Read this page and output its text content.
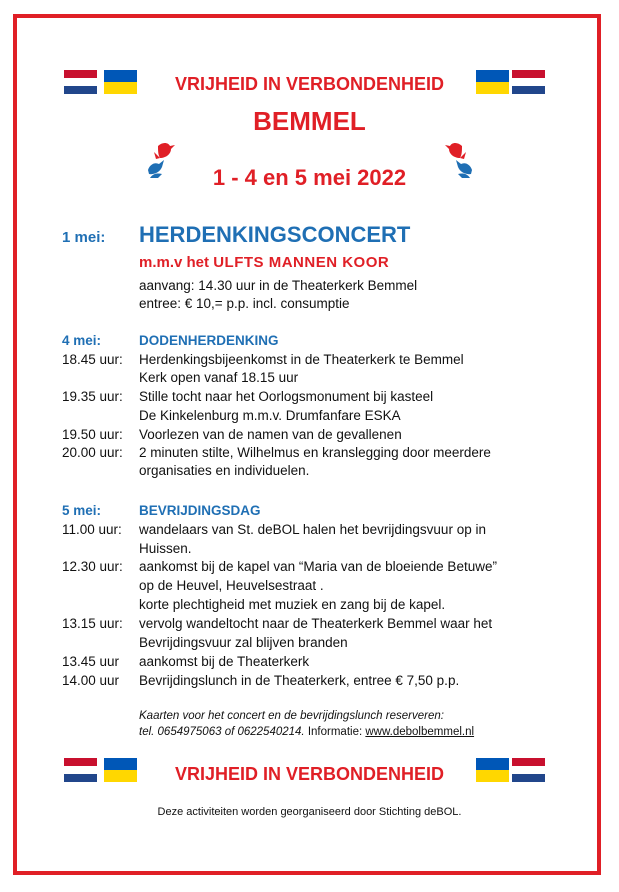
VRIJHEID IN VERBONDENHEID
BEMMEL
1 - 4 en 5 mei 2022
1 mei: HERDENKINGSCONCERT
m.m.v het ULFTS MANNEN KOOR
aanvang: 14.30 uur in de Theaterkerk Bemmel
entree: € 10,= p.p. incl. consumptie
4 mei:	DODENHERDENKING
18.45 uur: Herdenkingsbijeenkomst in de Theaterkerk te Bemmel
Kerk open vanaf 18.15 uur
19.35 uur: Stille tocht naar het Oorlogsmonument bij kasteel
De Kinkelenburg m.m.v. Drumfanfare ESKA
19.50 uur: Voorlezen van de namen van de gevallenen
20.00 uur: 2 minuten stilte, Wilhelmus en kranslegging door meerdere
organisaties en individuelen.
5 mei:	BEVRIJDINGSDAG
11.00 uur: wandelaars van St. deBOL halen het bevrijdingsvuur op in
Huissen.
12.30 uur: aankomst bij de kapel van “Maria van de bloeiende Betuwe”
op de Heuvel, Heuvelsestraat .
korte plechtigheid met muziek en zang bij de kapel.
13.15 uur: vervolg wandeltocht naar de Theaterkerk Bemmel waar het
Bevrijdingsvuur zal blijven branden
13.45 uur aankomst bij de Theaterkerk
14.00 uur Bevrijdingslunch in de Theaterkerk, entree € 7,50 p.p.
Kaarten voor het concert en de bevrijdingslunch reserveren:
tel. 0654975063 of 0622540214. Informatie: www.debolbemmel.nl
VRIJHEID IN VERBONDENHEID
Deze activiteiten worden georganiseerd door Stichting deBOL.
